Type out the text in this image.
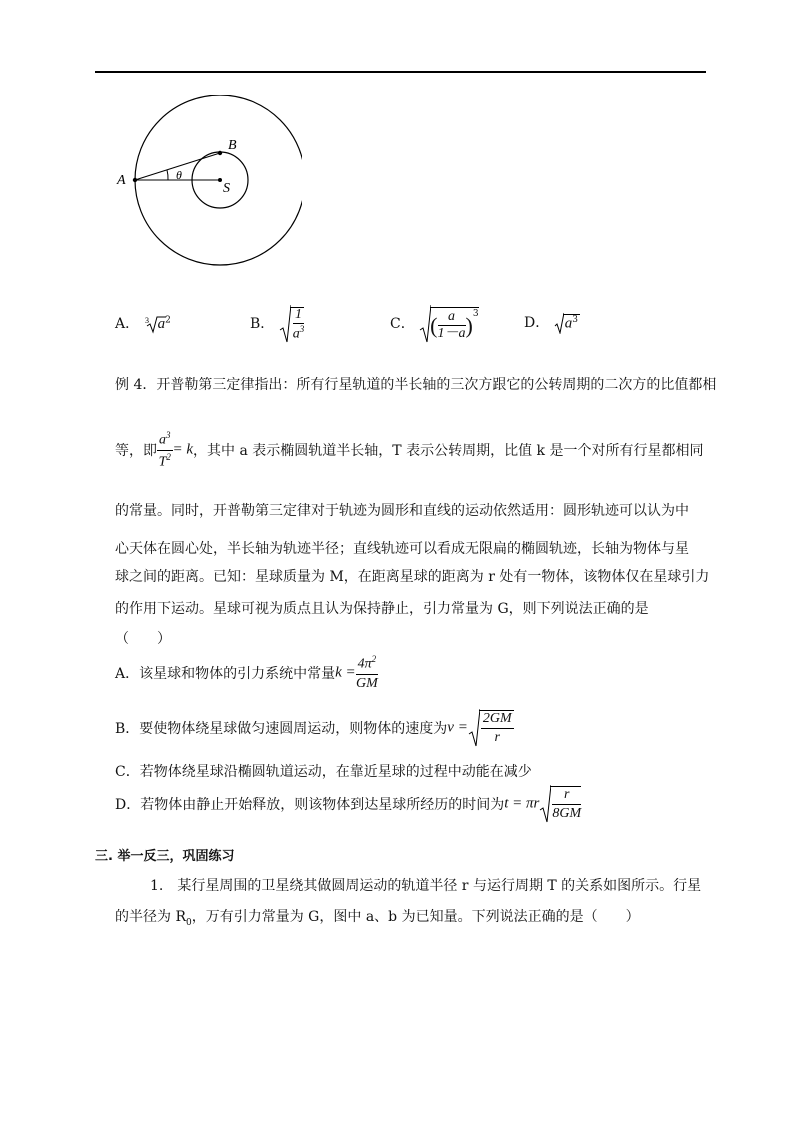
A
B
S
θ
A． 3 $a^2$	B． $\frac{1}{a^3}$	C． ( $\frac{a}{1-a} )^3$
D． $a^3$
例 4．开普勒第三定律指出：所有行星轨道的半长轴的三次方跟它的公转周期的二次方的比值都相
等，即 $\frac{a^3}{T^2} = k$，其中 a 表示椭圆轨道半长轴，T 表示公转周期，比值 k 是一个对所有行星都相同
的常量。同时，开普勒第三定律对于轨迹为圆形和直线的运动依然适用：圆形轨迹可以认为中
心天体在圆心处，半长轴为轨迹半径；直线轨迹可以看成无限扁的椭圆轨迹，长轴为物体与星
球之间的距离。已知：星球质量为 M，在距离星球的距离为 r 处有一物体，该物体仅在星球引力
的作用下运动。星球可视为质点且认为保持静止，引力常量为 G，则下列说法正确的是
（　　）
A．该星球和物体的引力系统中常量$k = \frac{4\pi^2}{GM}$
B．要使物体绕星球做匀速圆周运动，则物体的速度为$v = \frac{2GM}{r}$
C．若物体绕星球沿椭圆轨道运动，在靠近星球的过程中动能在减少
D．若物体由静止开始释放，则该物体到达星球所经历的时间为t = πr $\frac{r}{8GM}$
三. 举一反三，巩固练习
1.　某行星周围的卫星绕其做圆周运动的轨道半径 r 与运行周期 T 的关系如图所示。行星
的半径为 $R_0$，万有引力常量为 G，图中 a、b 为已知量。下列说法正确的是（　　）
